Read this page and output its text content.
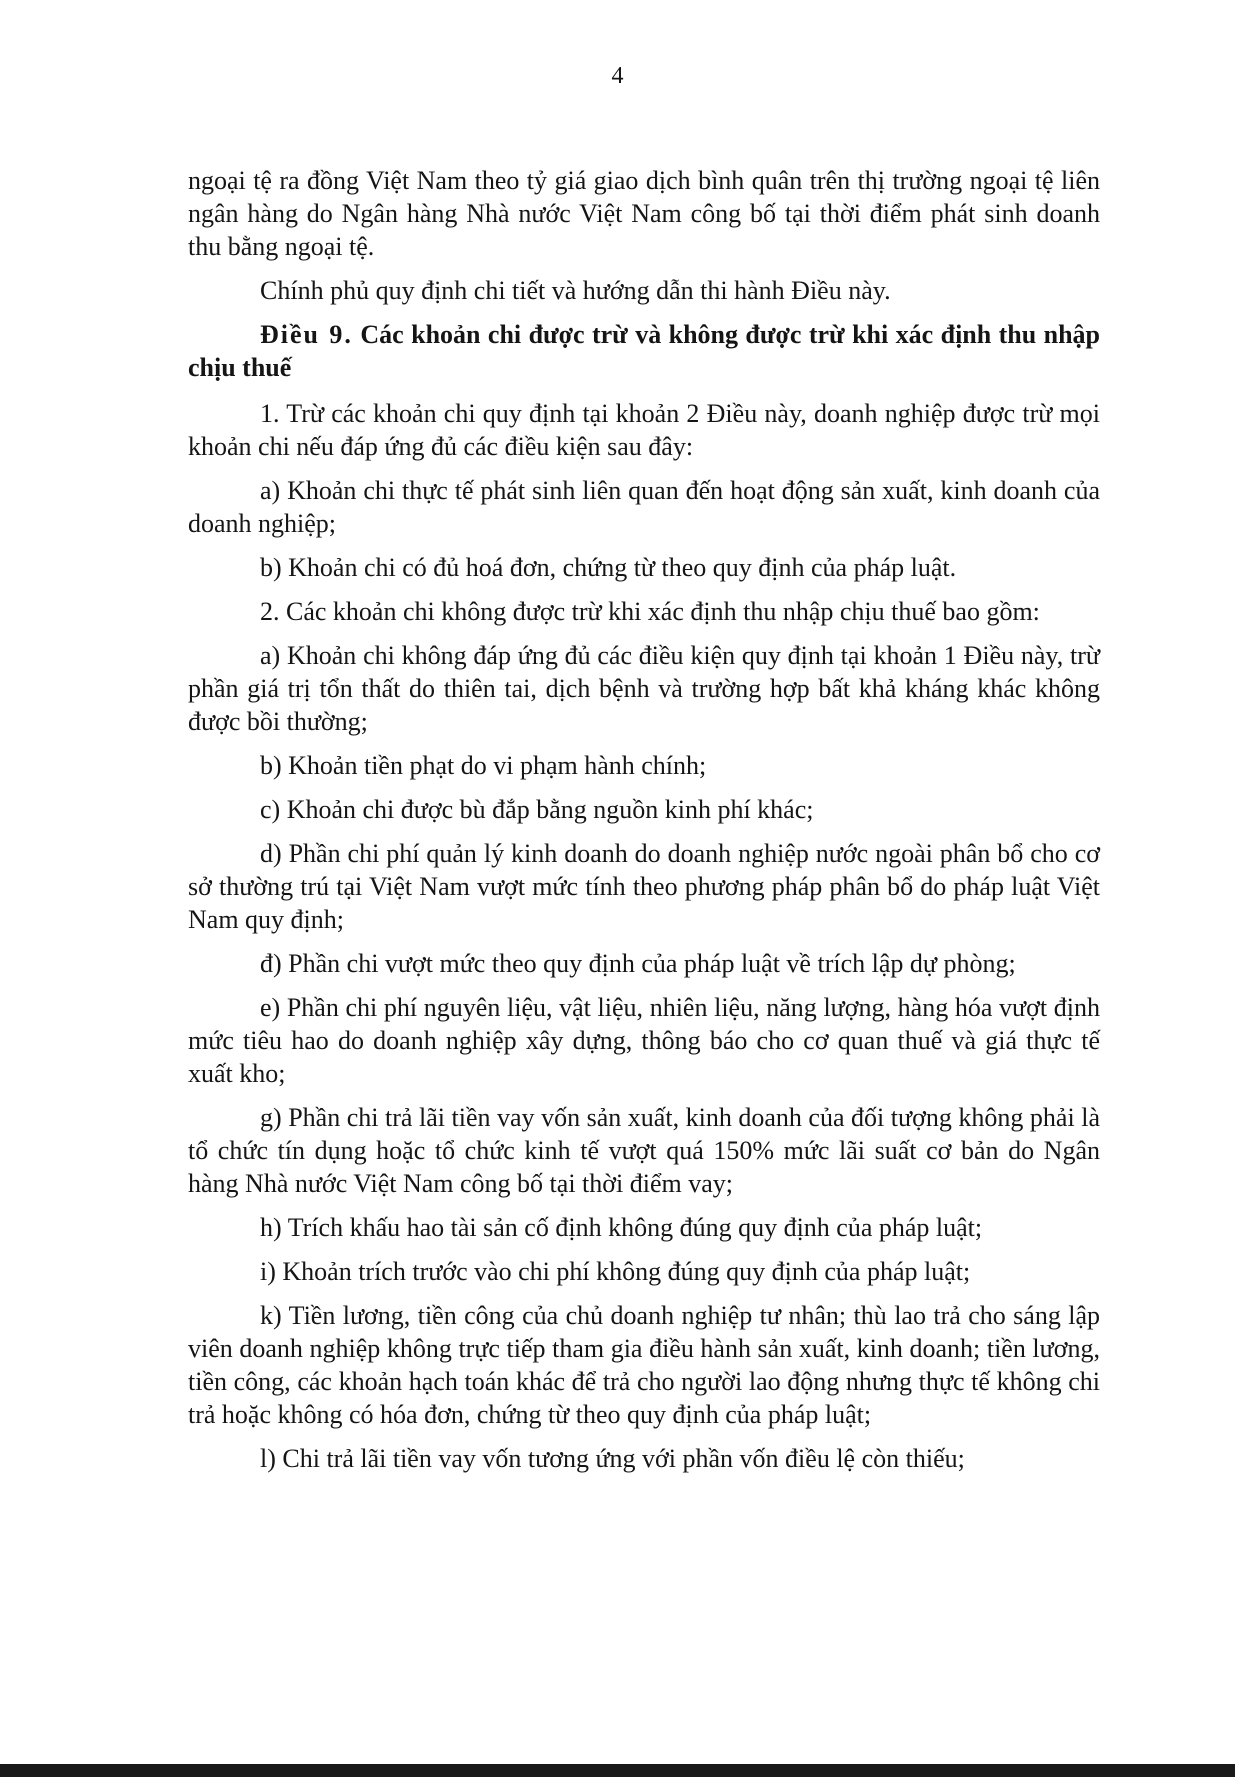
4

ngoại tệ ra đồng Việt Nam theo tỷ giá giao dịch bình quân trên thị trường ngoại tệ liên ngân hàng do Ngân hàng Nhà nước Việt Nam công bố tại thời điểm phát sinh doanh thu bằng ngoại tệ.

Chính phủ quy định chi tiết và hướng dẫn thi hành Điều này.

Điều 9. Các khoản chi được trừ và không được trừ khi xác định thu nhập chịu thuế

1. Trừ các khoản chi quy định tại khoản 2 Điều này, doanh nghiệp được trừ mọi khoản chi nếu đáp ứng đủ các điều kiện sau đây:

a) Khoản chi thực tế phát sinh liên quan đến hoạt động sản xuất, kinh doanh của doanh nghiệp;

b) Khoản chi có đủ hoá đơn, chứng từ theo quy định của pháp luật.

2. Các khoản chi không được trừ khi xác định thu nhập chịu thuế bao gồm:

a) Khoản chi không đáp ứng đủ các điều kiện quy định tại khoản 1 Điều này, trừ phần giá trị tổn thất do thiên tai, dịch bệnh và trường hợp bất khả kháng khác không được bồi thường;

b) Khoản tiền phạt do vi phạm hành chính;

c) Khoản chi được bù đắp bằng nguồn kinh phí khác;

d) Phần chi phí quản lý kinh doanh do doanh nghiệp nước ngoài phân bổ cho cơ sở thường trú tại Việt Nam vượt mức tính theo phương pháp phân bổ do pháp luật Việt Nam quy định;

đ) Phần chi vượt mức theo quy định của pháp luật về trích lập dự phòng;

e) Phần chi phí nguyên liệu, vật liệu, nhiên liệu, năng lượng, hàng hóa vượt định mức tiêu hao do doanh nghiệp xây dựng, thông báo cho cơ quan thuế và giá thực tế xuất kho;

g) Phần chi trả lãi tiền vay vốn sản xuất, kinh doanh của đối tượng không phải là tổ chức tín dụng hoặc tổ chức kinh tế vượt quá 150% mức lãi suất cơ bản do Ngân hàng Nhà nước Việt Nam công bố tại thời điểm vay;

h) Trích khấu hao tài sản cố định không đúng quy định của pháp luật;

i) Khoản trích trước vào chi phí không đúng quy định của pháp luật;

k) Tiền lương, tiền công của chủ doanh nghiệp tư nhân; thù lao trả cho sáng lập viên doanh nghiệp không trực tiếp tham gia điều hành sản xuất, kinh doanh; tiền lương, tiền công, các khoản hạch toán khác để trả cho người lao động nhưng thực tế không chi trả hoặc không có hóa đơn, chứng từ theo quy định của pháp luật;

l) Chi trả lãi tiền vay vốn tương ứng với phần vốn điều lệ còn thiếu;
